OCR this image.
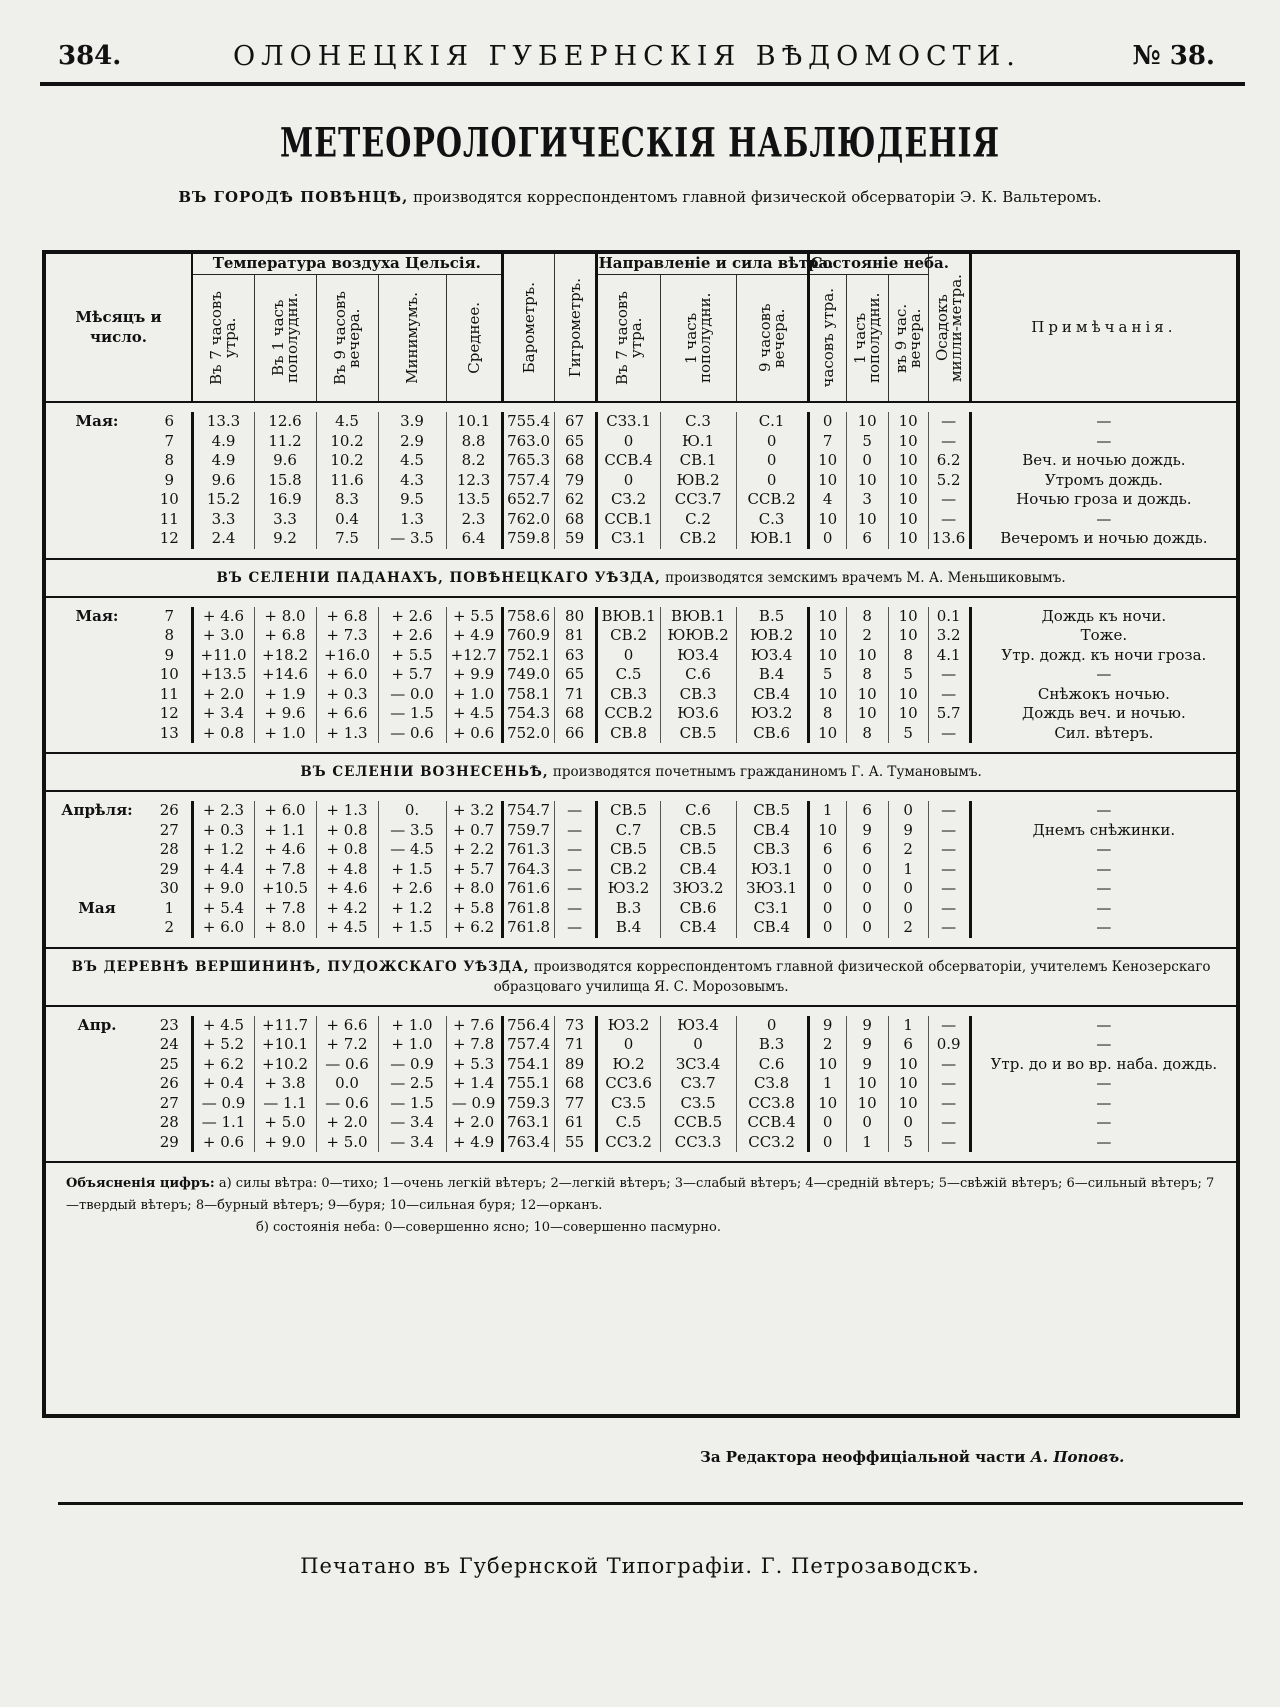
384.	ОЛОНЕЦКІЯ ГУБЕРНСКІЯ ВѢДОМОСТИ.	№ 38.
МЕТЕОРОЛОГИЧЕСКІЯ НАБЛЮДЕНІЯ
ВЪ ГОРОДѢ ПОВѢНЦѢ, производятся корреспондентомъ главной физической обсерваторіи Э. К. Вальтеромъ.
Мѣсяцъ и число.		Температура воздуха Цельсія.					Барометръ.	Гигрометръ.	Направленіе и сила вѣтра.			Состояніе неба.			Осадокъ милли-метра.	Примѣчанія.

		Въ 7 часовъ утра.	Въ 1 часъ пополудни.	Въ 9 часовъ вечера.	Минимумъ.	Среднее.			Въ 7 часовъ утра.	1 часъ пополудни.	9 часовъ вечера.	часовъ утра.	1 часъ пополудни.	въ 9 час. вечера.		

Мая:	6	13.3	12.6	4.5	3.9	10.1	755.4	67	СЗ3.1	С.3	С.1	0	10	10	—	—
	7	4.9	11.2	10.2	2.9	8.8	763.0	65	0	Ю.1	0	7	5	10	—	—
	8	4.9	9.6	10.2	4.5	8.2	765.3	68	ССВ.4	СВ.1	0	10	0	10	6.2	Веч. и ночью дождь.
	9	9.6	15.8	11.6	4.3	12.3	757.4	79	0	ЮВ.2	0	10	10	10	5.2	Утромъ дождь.
	10	15.2	16.9	8.3	9.5	13.5	652.7	62	СЗ.2	ССЗ.7	ССВ.2	4	3	10	—	Ночью гроза и дождь.
	11	3.3	3.3	0.4	1.3	2.3	762.0	68	ССВ.1	С.2	С.3	10	10	10	—	—
	12	2.4	9.2	7.5	— 3.5	6.4	759.8	59	СЗ.1	СВ.2	ЮВ.1	0	6	10	13.6	Вечеромъ и ночью дождь.

ВЪ СЕЛЕНІИ ПАДАНАХЪ, ПОВѢНЕЦКАГО УѢЗДА, производятся земскимъ врачемъ М. А. Меньшиковымъ.																

Мая:	7	+ 4.6	+ 8.0	+ 6.8	+ 2.6	+ 5.5	758.6	80	ВЮВ.1	ВЮВ.1	В.5	10	8	10	0.1	Дождь къ ночи.
	8	+ 3.0	+ 6.8	+ 7.3	+ 2.6	+ 4.9	760.9	81	СВ.2	ЮЮВ.2	ЮВ.2	10	2	10	3.2	Тоже.
	9	+11.0	+18.2	+16.0	+ 5.5	+12.7	752.1	63	0	ЮЗ.4	ЮЗ.4	10	10	8	4.1	Утр. дожд. къ ночи гроза.
	10	+13.5	+14.6	+ 6.0	+ 5.7	+ 9.9	749.0	65	С.5	С.6	В.4	5	8	5	—	—
	11	+ 2.0	+ 1.9	+ 0.3	— 0.0	+ 1.0	758.1	71	СВ.3	СВ.3	СВ.4	10	10	10	—	Снѣжокъ ночью.
	12	+ 3.4	+ 9.6	+ 6.6	— 1.5	+ 4.5	754.3	68	ССВ.2	ЮЗ.6	ЮЗ.2	8	10	10	5.7	Дождь веч. и ночью.
	13	+ 0.8	+ 1.0	+ 1.3	— 0.6	+ 0.6	752.0	66	СВ.8	СВ.5	СВ.6	10	8	5	—	Сил. вѣтеръ.

ВЪ СЕЛЕНІИ ВОЗНЕСЕНЬѢ, производятся почетнымъ гражданиномъ Г. А. Тумановымъ.																

Апрѣля:	26	+ 2.3	+ 6.0	+ 1.3	0.	+ 3.2	754.7	—	СВ.5	С.6	СВ.5	1	6	0	—	—
	27	+ 0.3	+ 1.1	+ 0.8	— 3.5	+ 0.7	759.7	—	С.7	СВ.5	СВ.4	10	9	9	—	Днемъ снѣжинки.
	28	+ 1.2	+ 4.6	+ 0.8	— 4.5	+ 2.2	761.3	—	СВ.5	СВ.5	СВ.3	6	6	2	—	—
	29	+ 4.4	+ 7.8	+ 4.8	+ 1.5	+ 5.7	764.3	—	СВ.2	СВ.4	ЮЗ.1	0	0	1	—	—
	30	+ 9.0	+10.5	+ 4.6	+ 2.6	+ 8.0	761.6	—	ЮЗ.2	ЗЮЗ.2	ЗЮЗ.1	0	0	0	—	—
Мая	1	+ 5.4	+ 7.8	+ 4.2	+ 1.2	+ 5.8	761.8	—	В.3	СВ.6	СЗ.1	0	0	0	—	—
	2	+ 6.0	+ 8.0	+ 4.5	+ 1.5	+ 6.2	761.8	—	В.4	СВ.4	СВ.4	0	0	2	—	—

ВЪ ДЕРЕВНѢ ВЕРШИНИНѢ, ПУДОЖСКАГО УѢЗДА, производятся корреспондентомъ главной физической обсерваторіи, учителемъ Кенозерскаго образцоваго училища Я. С. Морозовымъ.																

Апр.	23	+ 4.5	+11.7	+ 6.6	+ 1.0	+ 7.6	756.4	73	ЮЗ.2	ЮЗ.4	0	9	9	1	—	—
	24	+ 5.2	+10.1	+ 7.2	+ 1.0	+ 7.8	757.4	71	0	0	В.3	2	9	6	0.9	—
	25	+ 6.2	+10.2	— 0.6	— 0.9	+ 5.3	754.1	89	Ю.2	ЗСЗ.4	С.6	10	9	10	—	Утр. до и во вр. наба. дождь.
	26	+ 0.4	+ 3.8	0.0	— 2.5	+ 1.4	755.1	68	ССЗ.6	СЗ.7	СЗ.8	1	10	10	—	—
	27	— 0.9	— 1.1	— 0.6	— 1.5	— 0.9	759.3	77	СЗ.5	СЗ.5	ССЗ.8	10	10	10	—	—
	28	— 1.1	+ 5.0	+ 2.0	— 3.4	+ 2.0	763.1	61	С.5	ССВ.5	ССВ.4	0	0	0	—	—
	29	+ 0.6	+ 9.0	+ 5.0	— 3.4	+ 4.9	763.4	55	ССЗ.2	ССЗ.3	ССЗ.2	0	1	5	—	—

Объясненія цифръ: а) силы вѣтра: 0—тихо; 1—очень легкій вѣтеръ; 2—легкій вѣтеръ; 3—слабый вѣтеръ; 4—средній вѣтеръ; 5—свѣжій вѣтеръ; 6—сильный вѣтеръ; 7—твердый вѣтеръ; 8—бурный вѣтеръ; 9—буря; 10—сильная буря; 12—орканъ.
б) состоянія неба: 0—совершенно ясно; 10—совершенно пасмурно.																
За Редактора неоффиціальной части А. Поповъ.
Печатано въ Губернской Типографіи. Г. Петрозаводскъ.
